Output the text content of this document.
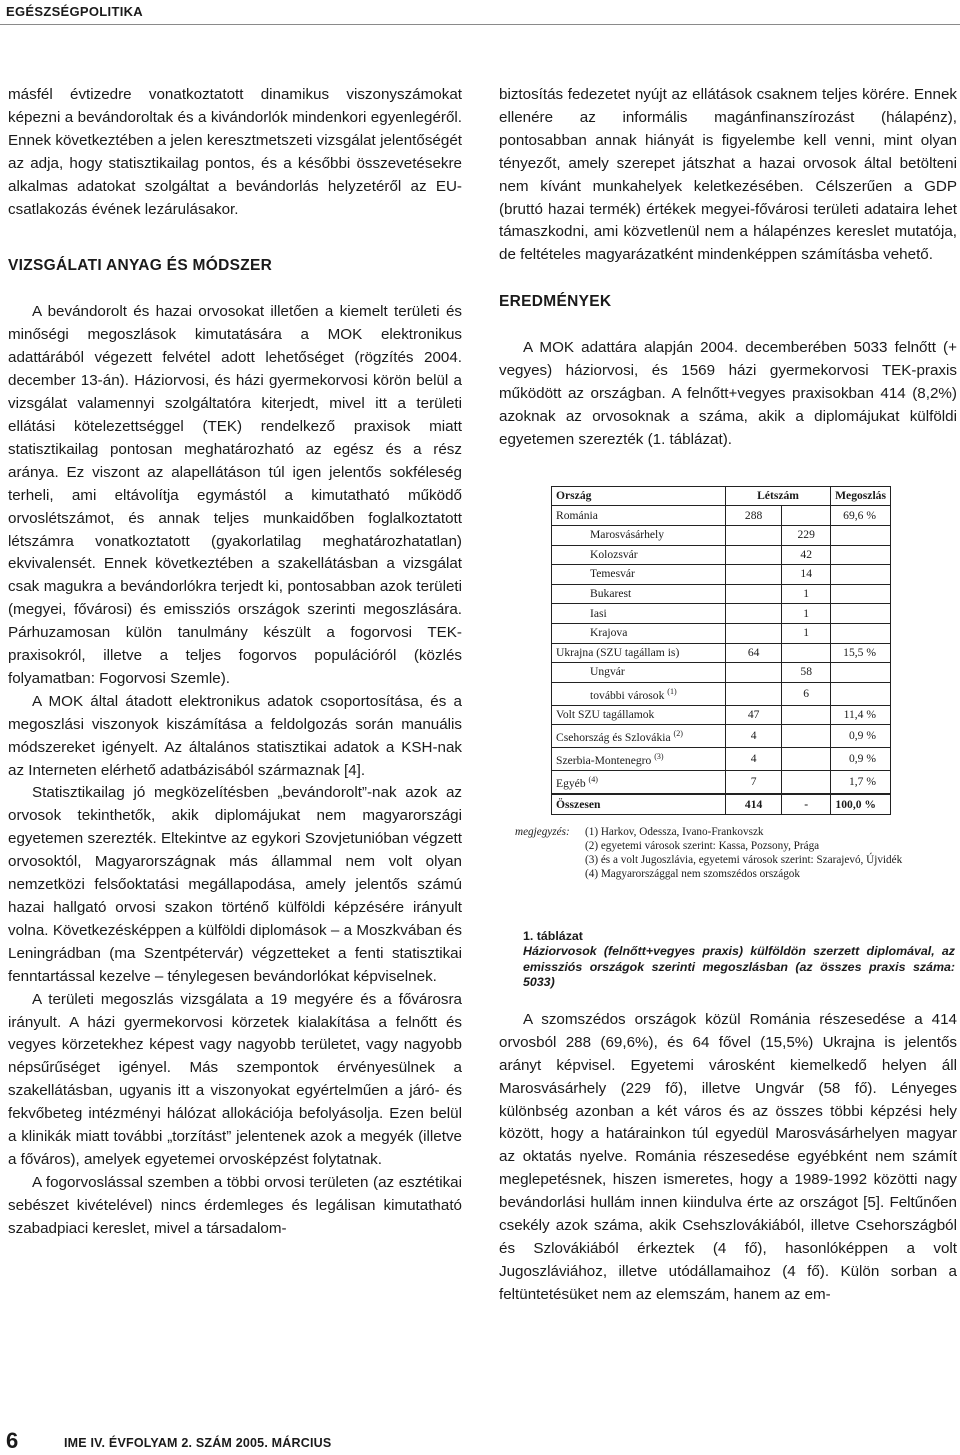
EGÉSZSÉGPOLITIKA

másfél évtizedre vonatkoztatott dinamikus viszonyszámokat képezni a bevándoroltak és a kivándorlók mindenkori egyenlegéről. Ennek következtében a jelen keresztmetszeti vizsgálat jelentőségét az adja, hogy statisztikailag pontos, és a későbbi összevetésekre alkalmas adatokat szolgáltat a bevándorlás helyzetéről az EU-csatlakozás évének lezárulásakor.

VIZSGÁLATI ANYAG ÉS MÓDSZER

A bevándorolt és hazai orvosokat illetően a kiemelt területi és minőségi megoszlások kimutatására a MOK elektronikus adattárából végezett felvétel adott lehetőséget (rögzítés 2004. december 13-án). Háziorvosi, és házi gyermekorvosi körön belül a vizsgálat valamennyi szolgáltatóra kiterjedt, mivel itt a területi ellátási kötelezettséggel (TEK) rendelkező praxisok miatt statisztikailag pontosan meghatározható az egész és a rész aránya. Ez viszont az alapellátáson túl igen jelentős sokféleség terheli, ami eltávolítja egymástól a kimutatható működő orvoslétszámot, és annak teljes munkaidőben foglalkoztatott létszámra vonatkoztatott (gyakorlatilag meghatározhatatlan) ekvivalensét. Ennek következtében a szakellátásban a vizsgálat csak magukra a bevándorlókra terjedt ki, pontosabban azok területi (megyei, fővárosi) és emissziós országok szerinti megoszlására. Párhuzamosan külön tanulmány készült a fogorvosi TEK-praxisokról, illetve a teljes fogorvos populációról (közlés folyamatban: Fogorvosi Szemle).

A MOK által átadott elektronikus adatok csoportosítása, és a megoszlási viszonyok kiszámítása a feldolgozás során manuális módszereket igényelt. Az általános statisztikai adatok a KSH-nak az Interneten elérhető adatbázisából származnak [4].

Statisztikailag jó megközelítésben „bevándorolt”-nak azok az orvosok tekinthetők, akik diplomájukat nem magyarországi egyetemen szerezték. Eltekintve az egykori Szovjetunióban végzett orvosoktól, Magyarországnak más állammal nem volt olyan nemzetközi felsőoktatási megállapodása, amely jelentős számú hazai hallgató orvosi szakon történő külföldi képzésére irányult volna. Következésképpen a külföldi diplomások – a Moszkvában és Leningrádban (ma Szentpétervár) végzetteket a fenti statisztikai fenntartással kezelve – ténylegesen bevándorlókat képviselnek.

A területi megoszlás vizsgálata a 19 megyére és a fővárosra irányult. A házi gyermekorvosi körzetek kialakítása a felnőtt és vegyes körzetekhez képest vagy nagyobb területet, vagy nagyobb népsűrűséget igényel. Más szempontok érvényesülnek a szakellátásban, ugyanis itt a viszonyokat egyértelműen a járó- és fekvőbeteg intézményi hálózat allokációja befolyásolja. Ezen belül a klinikák miatt további „torzítást” jelentenek azok a megyék (illetve a főváros), amelyek egyetemei orvosképzést folytatnak.

A fogorvoslással szemben a többi orvosi területen (az esztétikai sebészet kivételével) nincs érdemleges és legálisan kimutatható szabadpiaci kereslet, mivel a társadalom-

biztosítás fedezetet nyújt az ellátások csaknem teljes körére. Ennek ellenére az informális magánfinanszírozást (hálapénz), pontosabban annak hiányát is figyelembe kell venni, mint olyan tényezőt, amely szerepet játszhat a hazai orvosok által betölteni nem kívánt munkahelyek keletkezésében. Célszerűen a GDP (bruttó hazai termék) értékek megyei-fővárosi területi adataira lehet támaszkodni, ami közvetlenül nem a hálapénzes kereslet mutatója, de feltételes magyarázatként mindenképpen számításba vehető.

EREDMÉNYEK

A MOK adattára alapján 2004. decemberében 5033 felnőtt (+ vegyes) háziorvosi, és 1569 házi gyermekorvosi TEK-praxis működött az országban. A felnőtt+vegyes praxisokban 414 (8,2%) azoknak az orvosoknak a száma, akik a diplomájukat külföldi egyetemen szerezték (1. táblázat).

Ország	Létszám		Megoszlás
Románia	288		69,6 %
Marosvásárhely		229	
Kolozsvár		42	
Temesvár		14	
Bukarest		1	
Iasi		1	
Krajova		1	
Ukrajna (SZU tagállam is)	64		15,5 %
Ungvár		58	
további városok $^{(1)}$		6	
Volt SZU tagállamok	47		11,4 %
Csehország és Szlovákia $^{(2)}$	4		0,9 %
Szerbia-Montenegro $^{(3)}$	4		0,9 %
Egyéb $^{(4)}$	7		1,7 %
Összesen	414	-	100,0 %
megjegyzés: (1) Harkov, Odessza, Ivano-Frankovszk
(2) egyetemi városok szerint: Kassa, Pozsony, Prága
(3) és a volt Jugoszlávia, egyetemi városok szerint: Szarajevó, Újvidék
(4) Magyarországgal nem szomszédos országok
1. táblázat
Háziorvosok (felnőtt+vegyes praxis) külföldön szerzett diplomával, az emissziós országok szerinti megoszlásban (az összes praxis száma: 5033)

A szomszédos országok közül Románia részesedése a 414 orvosból 288 (69,6%), és 64 fővel (15,5%) Ukrajna is jelentős arányt képvisel. Egyetemi városként kiemelkedő helyen áll Marosvásárhely (229 fő), illetve Ungvár (58 fő). Lényeges különbség azonban a két város és az összes többi képzési hely között, hogy a határainkon túl egyedül Marosvásárhelyen magyar az oktatás nyelve. Románia részesedése egyébként nem számít meglepetésnek, hiszen ismeretes, hogy a 1989-1992 közötti nagy bevándorlási hullám innen kiindulva érte az országot [5]. Feltűnően csekély azok száma, akik Csehszlovákiából, illetve Csehországból és Szlovákiából érkeztek (4 fő), hasonlóképpen a volt Jugoszláviához, illetve utódállamaihoz (4 fő). Külön sorban a feltüntetésüket nem az elemszám, hanem az em-

6	IME IV. ÉVFOLYAM 2. SZÁM 2005. MÁRCIUS
